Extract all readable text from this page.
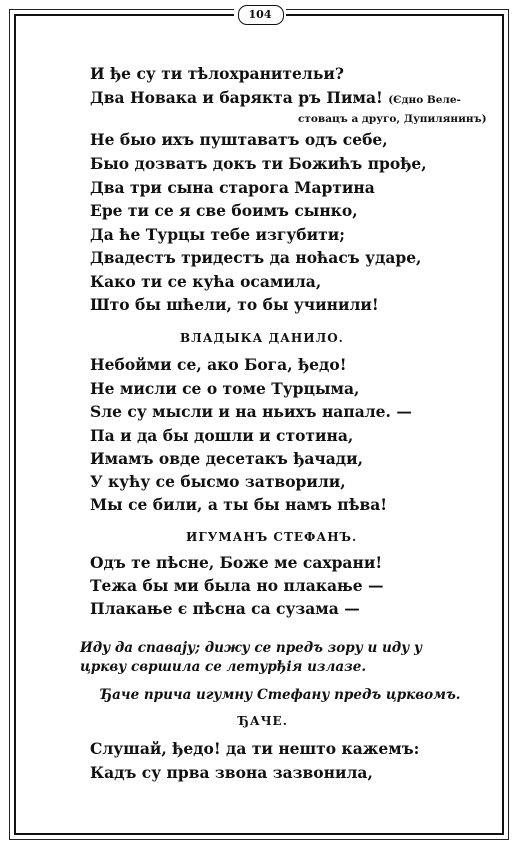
104
И ђе су ти тѣлохранительи?
Два Новака и барякта ръ Пима! (Єдно Веле-
стовацъ а друго, Дупилянинъ)
Не быо ихъ пуштаватъ одъ себе,
Быо дозватъ докъ ти Божићъ прође,
Два три сына старога Мартина
Ере ти се я све боимъ сынко,
Да ће Турцы тебе изгубити;
Двадестъ тридестъ да ноћасъ ударе,
Како ти се кућа осамила,
Што бы шћели, то бы учинили!
ВЛАДЫКА ДАНИЛО.
Небойми се, ако Бога, ђедо!
Не мисли се о томе Турцыма,
Ѕле су мысли и на ньихъ напале. —
Па и да бы дошли и стотина,
Имамъ овде десетакъ ђачади,
У кућу се бысмо затворили,
Мы се били, а ты бы намъ пѣва!
ИГУМАНЪ СТЕФАНЪ.
Одъ те пѣсне, Боже ме сахрани!
Тежа бы ми была но плакање —
Плакање є пѣсна са сузама —
Иду да спавају; дижу се предъ зору и иду у
цркву свршила се летурђія излазе.
Ђаче прича игумну Стефану предъ црквомъ.
ЂАЧЕ.
Слушай, ђедо! да ти нешто кажемъ:
Кадъ су прва звона зазвонила,
